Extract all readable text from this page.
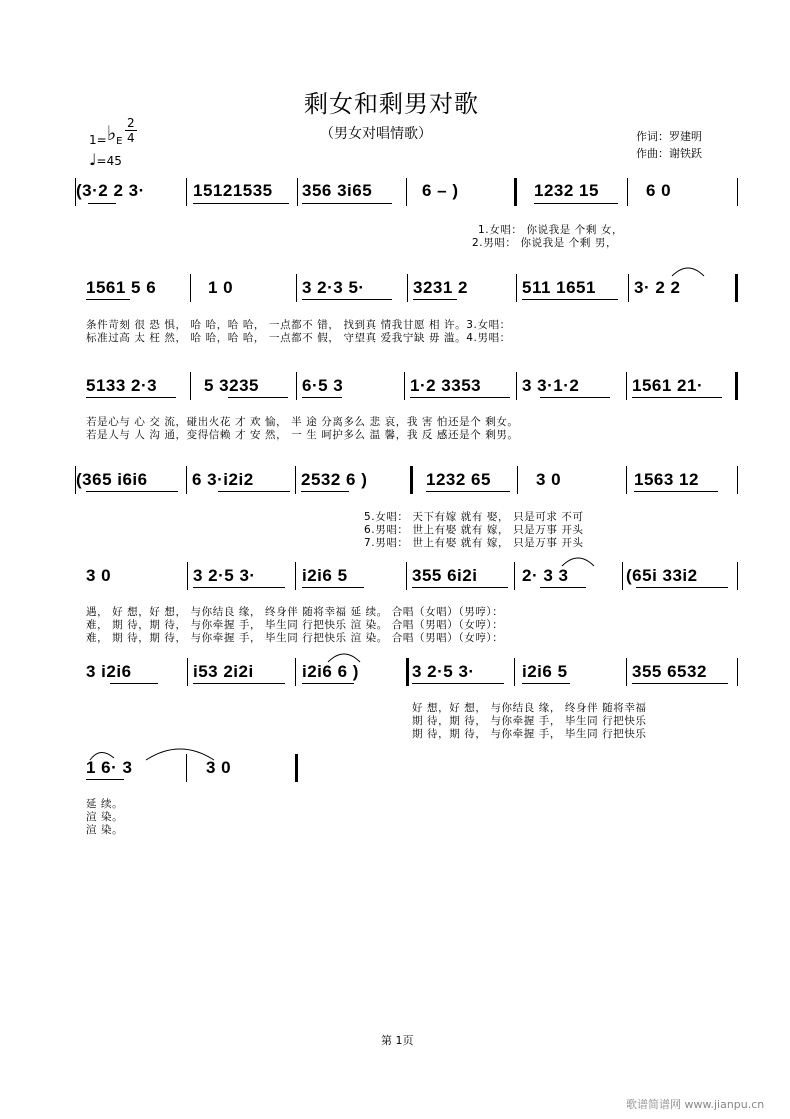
剩女和剩男对歌
（男女对唱情歌）
1=♭E $\frac{2}{4}$
♩=45
作词：罗建明
作曲：谢铁跃
(3·2 2 3·	15121535 356 3i65	6 – )	1232 15	6 0
1.女唱： 你说我是 个剩 女，
2.男唱： 你说我是 个剩 男，
1561 5 6	1 0	3 2·3 5·	3231 2	511 1651 3· 2 2
条件苛刻 很 恐 惧， 哈 哈，哈 哈， 一点都不 错， 找到真 情我甘愿 相 许。3.女唱：
标准过高 太 枉 然， 哈 哈，哈 哈， 一点都不 假， 守望真 爱我宁缺 毋 滥。4.男唱：
5133 2·3	5 3235	6·5 3	1·2 3353 3 3·1·2	1561 21·
若是心与 心 交 流，碰出火花 才 欢 愉， 半 途 分离多么 悲 哀，我 害 怕还是个 剩女。
若是人与 人 沟 通，变得信赖 才 安 然， 一 生 呵护多么 温 馨，我 反 感还是个 剩男。
(365 i6i6	6 3·i2i2	2532 6 )	1232 65	3 0	1563 12
5.女唱： 天下有嫁 就有 娶， 只是可求 不可
6.男唱： 世上有娶 就有 嫁， 只是万事 开头
7.男唱： 世上有娶 就有 嫁， 只是万事 开头
3 0	3 2·5 3·	i2i6 5	355 6i2i	2· 3 3	(65i 33i2
遇， 好 想，好 想， 与你结良 缘， 终身伴 随将幸福 延 续。 合唱（女唱）（男哼）：
难， 期 待，期 待， 与你牵握 手， 毕生同 行把快乐 渲 染。 合唱（男唱）（女哼）：
难， 期 待，期 待， 与你牵握 手， 毕生同 行把快乐 渲 染。 合唱（男唱）（女哼）：
3 i2i6	i53 2i2i	i2i6 6 )	3 2·5 3·	i2i6 5	355 6532
好 想，好 想， 与你结良 缘， 终身伴 随将幸福
期 待，期 待， 与你牵握 手， 毕生同 行把快乐
期 待，期 待， 与你牵握 手， 毕生同 行把快乐
1 6· 3	3 0
延 续。
渲 染。
渲 染。
第 1页
歌谱简谱网 www.jianpu.cn
